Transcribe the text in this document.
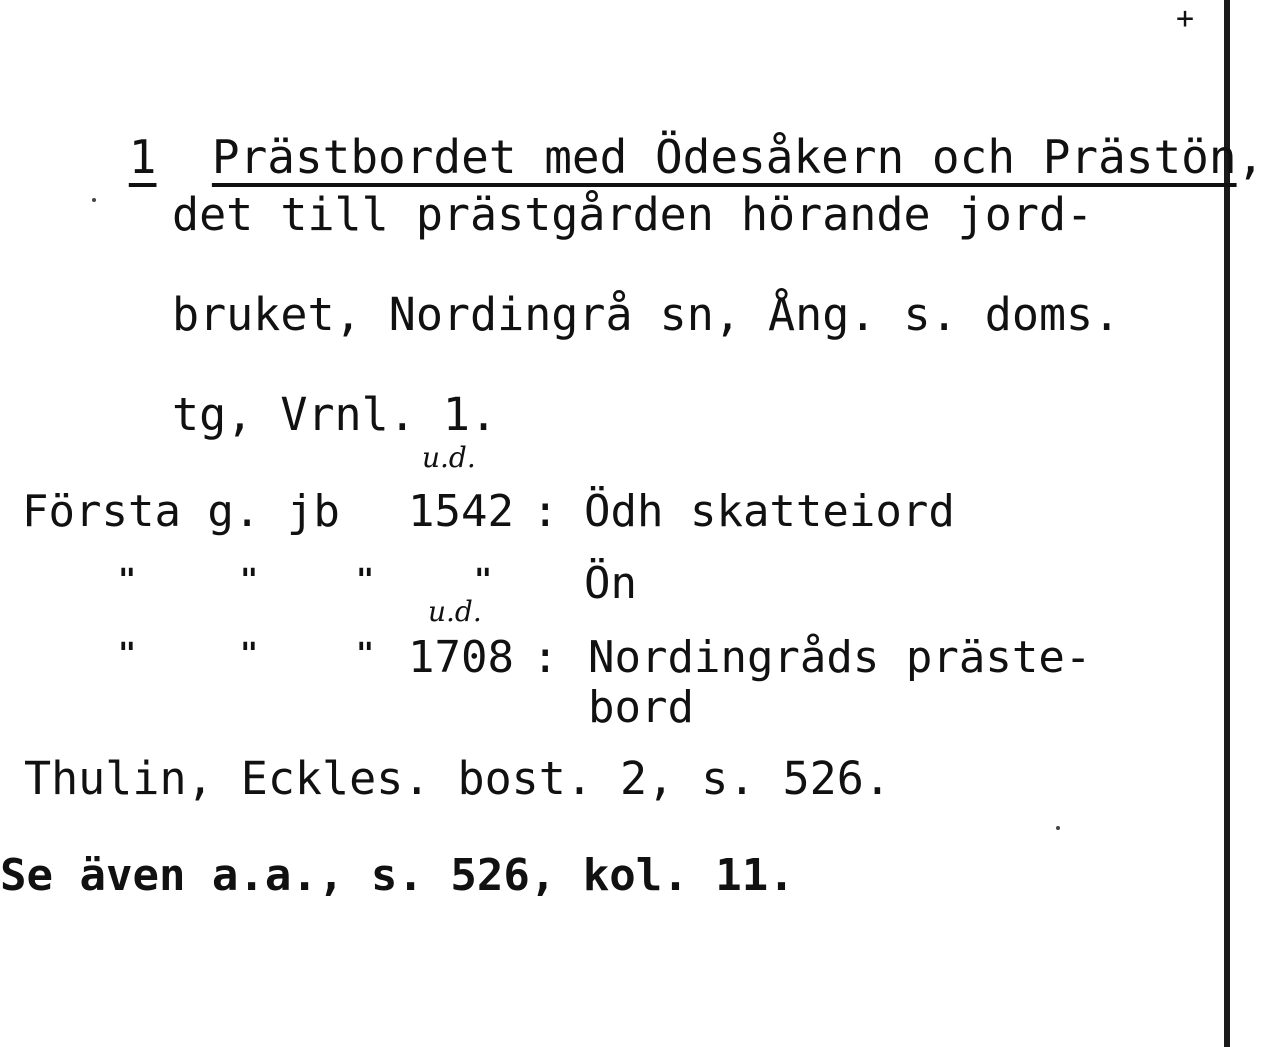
+

1 Prästbordet med Ödesåkern och Prästön,

det till prästgården hörande jord-
bruket, Nordingrå sn, Ång. s. doms.
tg, Vrnl. 1.
u.d.
u.d.
Första g. jb 1542 : Ödh skatteiord
"	"	"	" Ön
"	"	" 1708 : Nordingråds präste-
bord
Thulin, Eckles. bost. 2, s. 526.
Se även a.a., s. 526, kol. 11.
